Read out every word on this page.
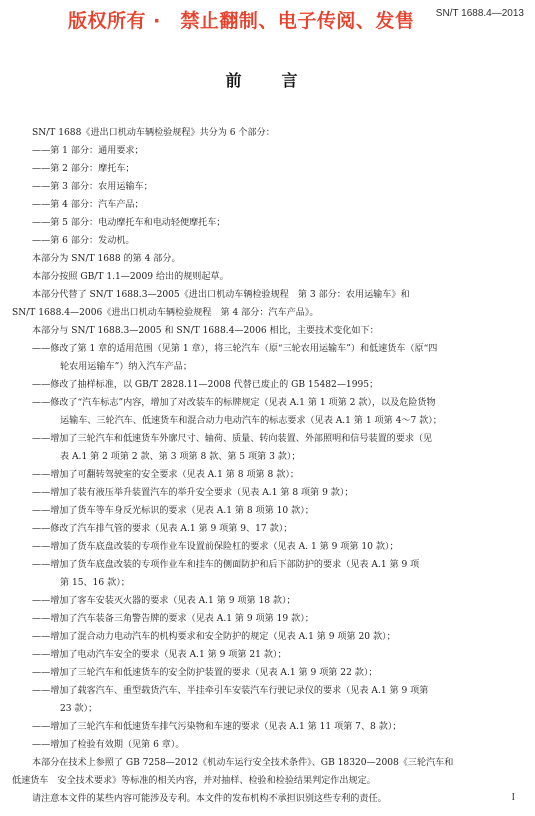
版权所有 ·　禁止翻制、电子传阅、发售	SN/T 1688.4—2013
前　言
SN/T 1688《进出口机动车辆检验规程》共分为 6 个部分：
——第 1 部分：通用要求；
——第 2 部分：摩托车；
——第 3 部分：农用运输车；
——第 4 部分：汽车产品；
——第 5 部分：电动摩托车和电动轻便摩托车；
——第 6 部分：发动机。
本部分为 SN/T 1688 的第 4 部分。
本部分按照 GB/T 1.1—2009 给出的规则起草。
本部分代替了 SN/T 1688.3—2005《进出口机动车辆检验规程　第 3 部分：农用运输车》和
SN/T 1688.4—2006《进出口机动车辆检验规程　第 4 部分：汽车产品》。
本部分与 SN/T 1688.3—2005 和 SN/T 1688.4—2006 相比，主要技术变化如下：
——修改了第 1 章的适用范围（见第 1 章），将三轮汽车（原“三轮农用运输车”）和低速货车（原“四
轮农用运输车”）纳入汽车产品；
——修改了抽样标准，以 GB/T 2828.11—2008 代替已废止的 GB 15482—1995；
——修改了“汽车标志”内容，增加了对改装车的标牌规定（见表 A.1 第 1 项第 2 款），以及危险货物
运输车、三轮汽车、低速货车和混合动力电动汽车的标志要求（见表 A.1 第 1 项第 4～7 款）；
——增加了三轮汽车和低速货车外廓尺寸、轴荷、质量、转向装置、外部照明和信号装置的要求（见
表 A.1 第 2 项第 2 款、第 3 项第 8 款、第 5 项第 3 款）；
——增加了可翻转驾驶室的安全要求（见表 A.1 第 8 项第 8 款）；
——增加了装有液压举升装置汽车的举升安全要求（见表 A.1 第 8 项第 9 款）；
——增加了货车等车身反光标识的要求（见表 A.1 第 8 项第 10 款）；
——修改了汽车排气管的要求（见表 A.1 第 9 项第 9、17 款）；
——增加了货车底盘改装的专项作业车设置前保险杠的要求（见表 A. 1 第 9 项第 10 款）；
——增加了货车底盘改装的专项作业车和挂车的侧面防护和后下部防护的要求（见表 A.1 第 9 项
第 15、16 款）；
——增加了客车安装灭火器的要求（见表 A.1 第 9 项第 18 款）；
——增加了汽车装备三角警告牌的要求（见表 A.1 第 9 项第 19 款）；
——增加了混合动力电动汽车的机构要求和安全防护的规定（见表 A.1 第 9 项第 20 款）；
——增加了电动汽车安全的要求（见表 A.1 第 9 项第 21 款）；
——增加了三轮汽车和低速货车的安全防护装置的要求（见表 A.1 第 9 项第 22 款）；
——增加了载客汽车、重型载货汽车、半挂牵引车安装汽车行驶记录仪的要求（见表 A.1 第 9 项第
23 款）；
——增加了三轮汽车和低速货车排气污染物和车速的要求（见表 A.1 第 11 项第 7、8 款）；
——增加了检验有效期（见第 6 章）。
本部分在技术上参照了 GB 7258—2012《机动车运行安全技术条件》、GB 18320—2008《三轮汽车和
低速货车　安全技术要求》等标准的相关内容，并对抽样、检验和检验结果判定作出规定。
请注意本文件的某些内容可能涉及专利。本文件的发布机构不承担识别这些专利的责任。	I
